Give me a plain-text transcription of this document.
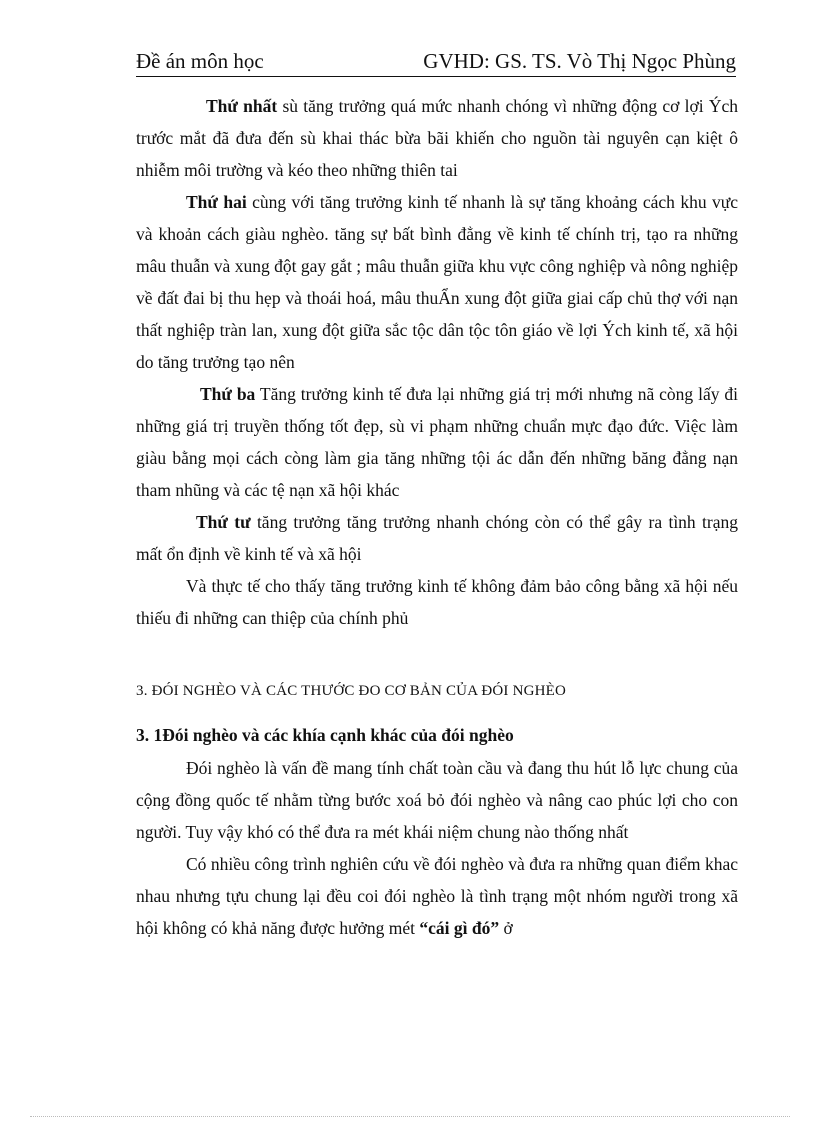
Đề án môn học	GVHD: GS. TS. Vò Thị Ngọc Phùng

Thứ nhất sù tăng trưởng quá mức nhanh chóng vì những động cơ lợi Ých trước mắt đã đưa đến sù khai thác bừa bãi khiến cho nguồn tài nguyên cạn kiệt ô nhiễm môi trường và kéo theo những thiên tai

Thứ hai cùng với tăng trưởng kinh tế nhanh là sự tăng khoảng cách khu vực và khoản cách giàu nghèo. tăng sự bất bình đẳng về kinh tế chính trị, tạo ra những mâu thuẫn và xung đột gay gắt ; mâu thuẫn giữa khu vực công nghiệp và nông nghiệp về đất đai bị thu hẹp và thoái hoá, mâu thuẨn xung đột giữa giai cấp chủ thợ với nạn thất nghiệp tràn lan, xung đột giữa sắc tộc dân tộc tôn giáo về lợi Ých kinh tế, xã hội do tăng trưởng tạo nên

Thứ ba Tăng trưởng kinh tế đưa lại những giá trị mới nhưng nã còng lấy đi những giá trị truyền thống tốt đẹp, sù vi phạm những chuẩn mực đạo đức. Việc làm giàu bằng mọi cách còng làm gia tăng những tội ác dẫn đến những băng đẳng nạn tham nhũng và các tệ nạn xã hội khác

Thứ tư tăng trưởng tăng trưởng nhanh chóng còn có thể gây ra tình trạng mất ổn định về kinh tế và xã hội

Và thực tế cho thấy tăng trưởng kinh tế không đảm bảo công bằng xã hội nếu thiếu đi những can thiệp của chính phủ

3. ĐÓI NGHÈO VÀ CÁC THƯỚC ĐO CƠ BẢN CỦA ĐÓI NGHÈO

3. 1Đói nghèo và các khía cạnh khác của đói nghèo

Đói nghèo là vấn đề mang tính chất toàn cầu và đang thu hút lỗ lực chung của cộng đồng quốc tế nhằm từng bước xoá bỏ đói nghèo và nâng cao phúc lợi cho con người. Tuy vậy khó có thể đưa ra mét khái niệm chung nào thống nhất

Có nhiều công trình nghiên cứu về đói nghèo và đưa ra những quan điểm khac nhau nhưng tựu chung lại đều coi đói nghèo là tình trạng một nhóm người trong xã hội không có khả năng được hưởng mét “cái gì đó” ở
